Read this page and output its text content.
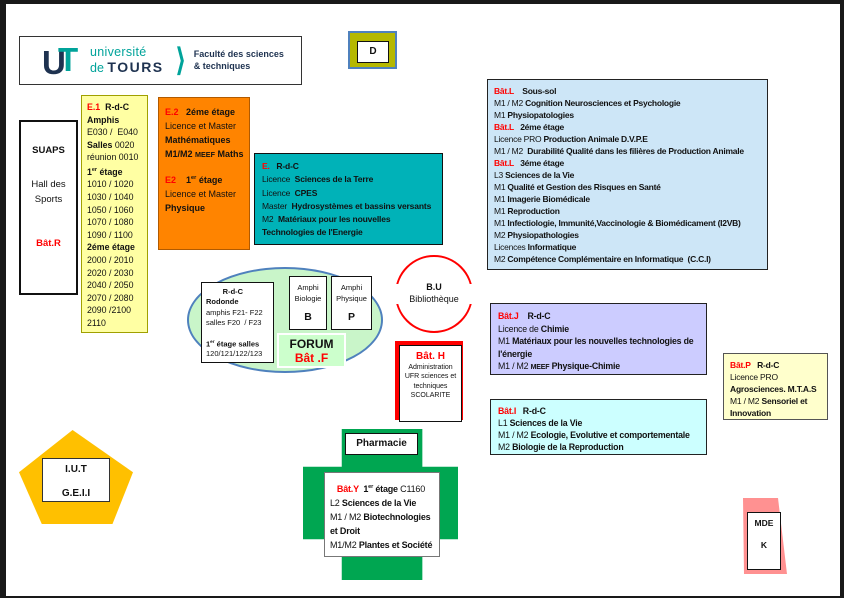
U
T université
de TOURS ⟩ Faculté des sciences
& techniques
D
SUAPS
Hall des
Sports
Bât.R
E.1  R-d-C
Amphis
E030 /  E040
Salles 0020
réunion 0010
1er étage
1010 / 1020
1030 / 1040
1050 / 1060
1070 / 1080
1090 / 1100
2éme étage
2000 / 2010
2020 / 2030
2040 / 2050
2070 / 2080
2090 /2100
2110
E.2   2éme étage
Licence et Master
Mathématiques
M1/M2 MEEF Maths
E2    1er étage
Licence et Master
Physique
E.   R-d-C
Licence  Sciences de la Terre
Licence  CPES
Master  Hydrosystèmes et bassins versants
M2  Matériaux pour les nouvelles
Technologies de l'Energie
Bât.L    Sous-sol
M1 / M2 Cognition Neurosciences et Psychologie
M1 Physiopatologies
Bât.L   2éme étage
Licence PRO Production Animale D.V.P.E
M1 / M2  Durabilité Qualité dans les filières de Production Animale
Bât.L   3éme étage
L3 Sciences de la Vie
M1 Qualité et Gestion des Risques en Santé
M1 Imagerie Biomédicale
M1 Reproduction
M1 Infectiologie, Immunité,Vaccinologie & Biomédicament (I2VB)
M2 Physiopathologies
Licences Informatique
M2 Compétence Complémentaire en Informatique  (C.C.I)
R-d-C
Rodonde
amphis F21- F22
salles F20  / F23
1er étage salles
120/121/122/123
Amphi
Biologie
B
Amphi
Physique
P
FORUM
Bât .F
B.U
Bibliothèque
Bât. H
Administration
UFR sciences et
techniques
SCOLARITE
Bât.J    R-d-C
Licence de Chimie
M1 Matériaux pour les nouvelles technologies de
l'énergie
M1 / M2 MEEF Physique-Chimie	Bât.P   R-d-C
Licence PRO
Agrosciences. M.T.A.S
M1 / M2 Sensoriel et
Innovation
Bât.I   R-d-C
L1 Sciences de la Vie
M1 / M2 Ecologie, Evolutive et comportementale
M2 Biologie de la Reproduction
I.U.T
G.E.I.I
Pharmacie
Bât.Y  1er étage C1160
L2 Sciences de la Vie
M1 / M2 Biotechnologies
et Droit
M1/M2 Plantes et Société
MDE
K
